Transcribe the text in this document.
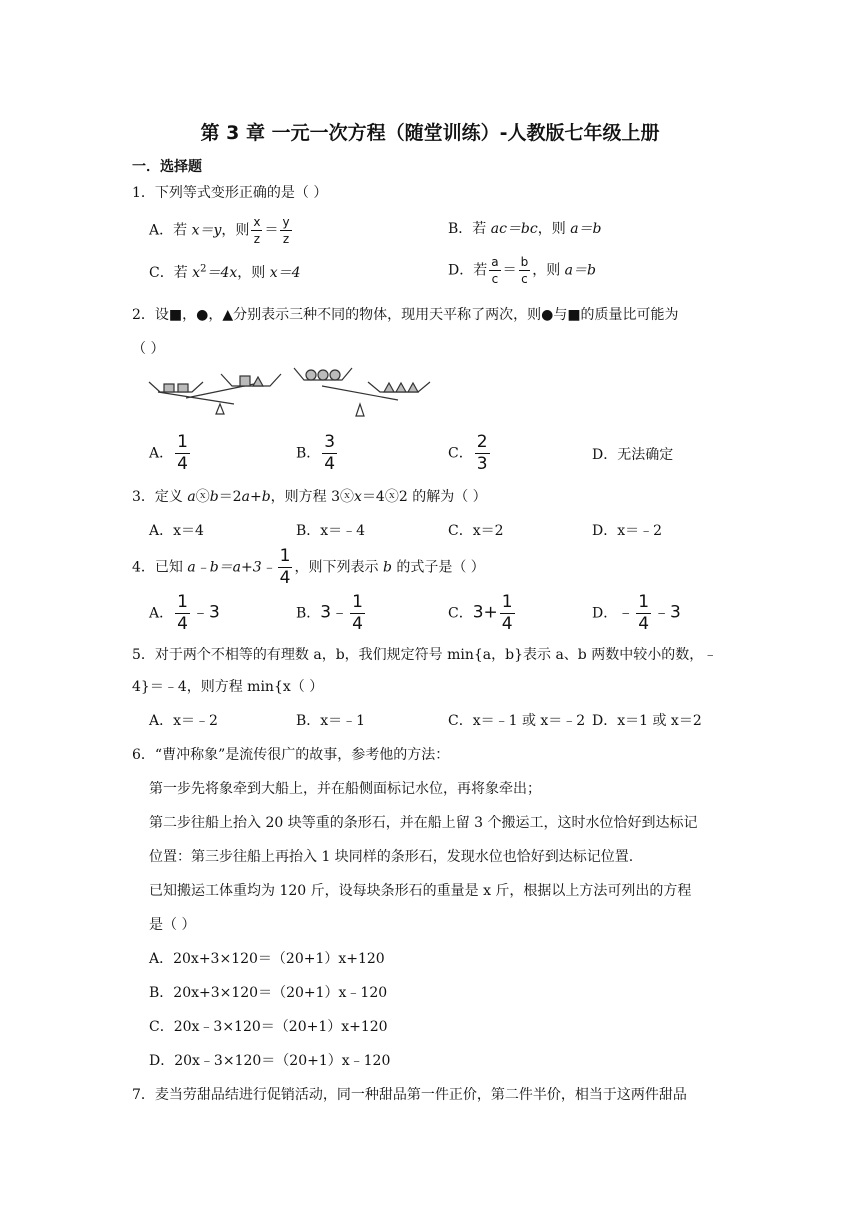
第 3 章 一元一次方程（随堂训练）-人教版七年级上册
一．选择题
1．下列等式变形正确的是（ ）
A．若 x＝y，则 $\frac{x}{z} = \frac{y}{z}$	B．若 ac＝bc，则 a＝b
C．若 $x^2=4x$，则 x＝4	D．若 $\frac{a}{c} = \frac{b}{c}$ ，则 a＝b
2．设■，●，▲分别表示三种不同的物体，现用天平称了两次，则●与■的质量比可能为
（ ）
A． $\frac{1}{4}$	B． $\frac{3}{4}$	C． $\frac{2}{3}$	D．无法确定
3．定义 aⓧb＝2a+b，则方程 3ⓧx＝4ⓧ2 的解为（ ）
A．x＝4	B．x＝﹣4	C．x＝2	D．x＝﹣2
4．已知 a﹣b＝a+3﹣ $\frac{1}{4}$ ，则下列表示 b 的式子是（ ）
A． $\frac{1}{4}$ ﹣3	B．3﹣ $\frac{1}{4}$	C．$3+ \frac{1}{4}$	D．﹣ $\frac{1}{4}$ ﹣3
5．对于两个不相等的有理数 a，b，我们规定符号 min{a，b}表示 a、b 两数中较小的数，﹣
4}＝﹣4，则方程 min{x（ ）
A．x＝﹣2	B．x＝﹣1	C．x＝﹣1 或 x＝﹣2 D．x＝1 或 x＝2
6．“曹冲称象”是流传很广的故事，参考他的方法：
第一步先将象牵到大船上，并在船侧面标记水位，再将象牵出；
第二步往船上抬入 20 块等重的条形石，并在船上留 3 个搬运工，这时水位恰好到达标记
位置：第三步往船上再抬入 1 块同样的条形石，发现水位也恰好到达标记位置.
已知搬运工体重均为 120 斤，设每块条形石的重量是 x 斤，根据以上方法可列出的方程
是（ ）
A．20x+3×120＝（20+1）x+120
B．20x+3×120＝（20+1）x﹣120
C．20x﹣3×120＝（20+1）x+120
D．20x﹣3×120＝（20+1）x﹣120
7．麦当劳甜品结进行促销活动，同一种甜品第一件正价，第二件半价，相当于这两件甜品
